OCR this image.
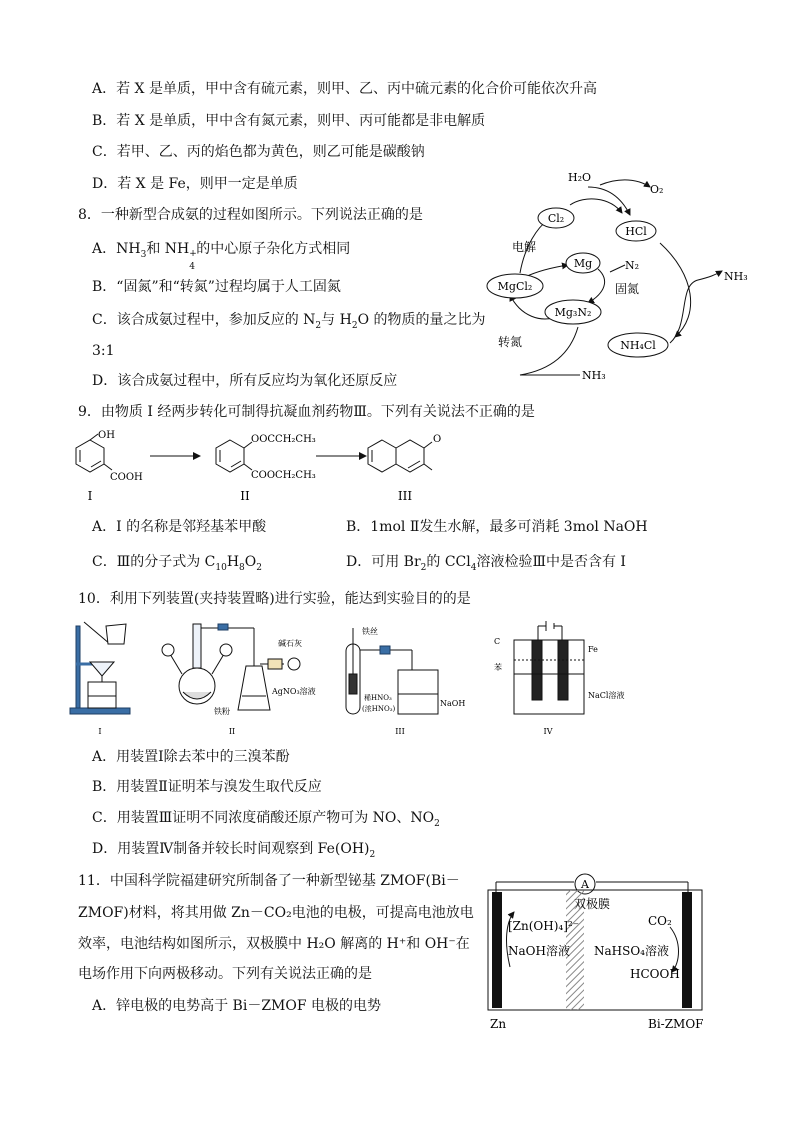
A．若 X 是单质，甲中含有硫元素，则甲、乙、丙中硫元素的化合价可能依次升高
B．若 X 是单质，甲中含有氮元素，则甲、丙可能都是非电解质
C．若甲、乙、丙的焰色都为黄色，则乙可能是碳酸钠
D．若 X 是 Fe，则甲一定是单质
8．一种新型合成氨的过程如图所示。下列说法正确的是
A．$NH_3$和 NH +
4
的中心原子杂化方式相同
B．“固氮”和“转氮”过程均属于人工固氮
C．该合成氨过程中，参加反应的 $N_2$与 $H_2O$ 的物质的量之比为
3:1
D．该合成氨过程中，所有反应均为氧化还原反应
H₂O
O₂
Cl₂
HCl
电解
Mg	N₂
MgCl₂	固氮
NH₃
Mg₃N₂
转氮	NH₄Cl
NH₃
9．由物质 I 经两步转化可制得抗凝血剂药物Ⅲ。下列有关说法不正确的是
OH
COOH
I
OOCCH₂CH₃
COOCH₂CH₃
II
O
III
A．I 的名称是邻羟基苯甲酸	B．1mol Ⅱ发生水解，最多可消耗 3mol NaOH
C．Ⅲ的分子式为 $C_{10}H_8O_2$	D．可用 $Br_2$的 CCl$_4$溶液检验Ⅲ中是否含有 I
10．利用下列装置(夹持装置略)进行实验，能达到实验目的的是
I	II	III	IV
碱石灰
AgNO₃溶液
铁粉
铁丝
稀HNO₃
(浓HNO₃)
NaOH
C
Fe
苯
NaCl溶液
A．用装置Ⅰ除去苯中的三溴苯酚
B．用装置Ⅱ证明苯与溴发生取代反应
C．用装置Ⅲ证明不同浓度硝酸还原产物可为 NO、$NO_2$
D．用装置Ⅳ制备并较长时间观察到 $Fe(OH)_2$
11．中国科学院福建研究所制备了一种新型铋基 ZMOF(Bi－
ZMOF)材料，将其用做 Zn－CO₂电池的电极，可提高电池放电
效率，电池结构如图所示，双极膜中 H₂O 解离的 H⁺和 OH⁻在
电场作用下向两极移动。下列有关说法正确的是
A．锌电极的电势高于 Bi－ZMOF 电极的电势
A
双极膜
[Zn(OH)₄]²⁻
NaOH溶液
CO₂
NaHSO₄溶液
HCOOH
Zn	Bi-ZMOF
